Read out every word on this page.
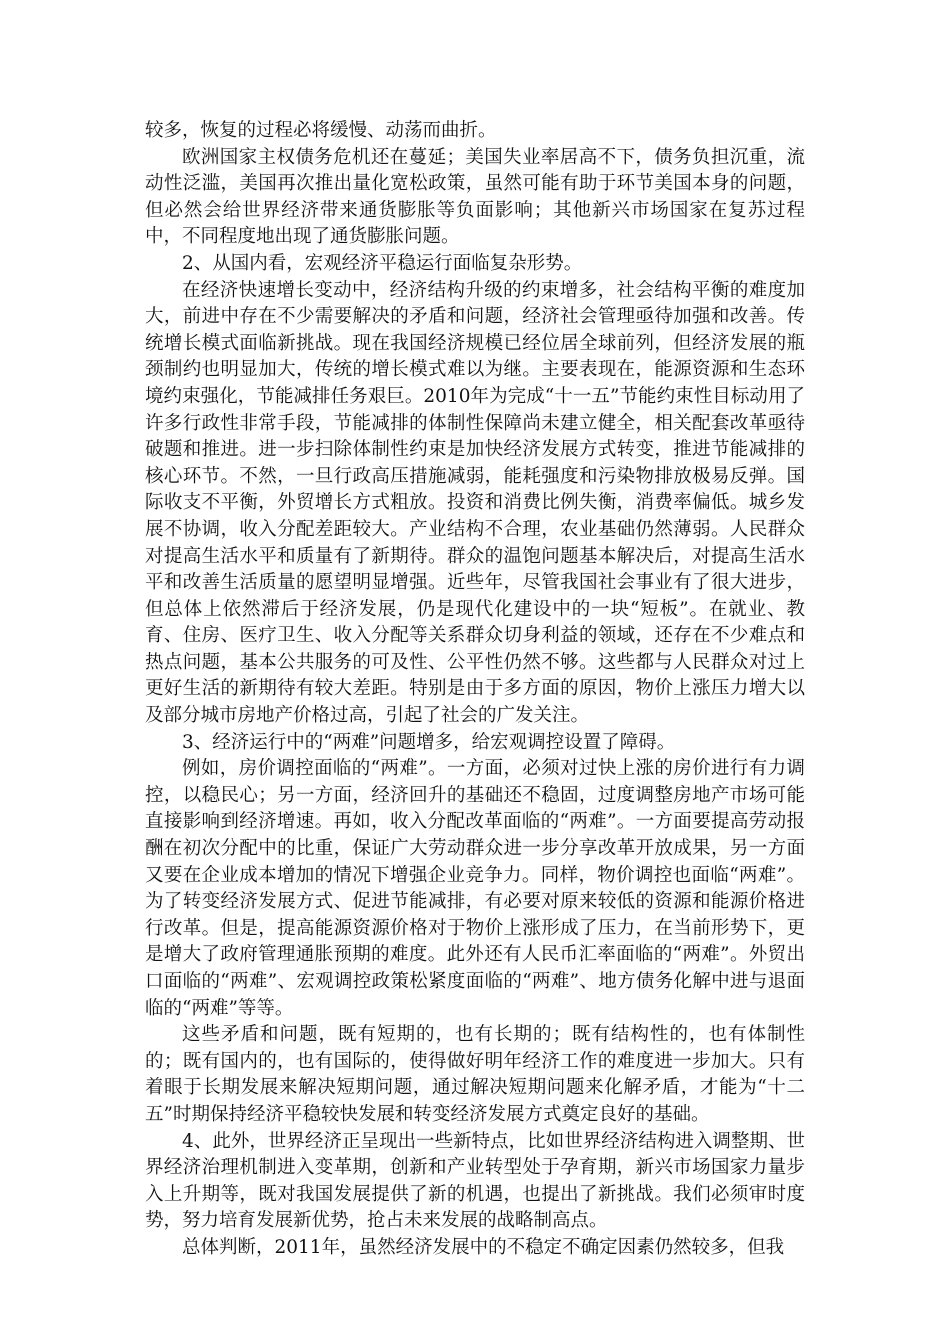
较多，恢复的过程必将缓慢、动荡而曲折。

欧洲国家主权债务危机还在蔓延；美国失业率居高不下，债务负担沉重，流动性泛滥，美国再次推出量化宽松政策，虽然可能有助于环节美国本身的问题，但必然会给世界经济带来通货膨胀等负面影响；其他新兴市场国家在复苏过程中，不同程度地出现了通货膨胀问题。

2、从国内看，宏观经济平稳运行面临复杂形势。

在经济快速增长变动中，经济结构升级的约束增多，社会结构平衡的难度加大，前进中存在不少需要解决的矛盾和问题，经济社会管理亟待加强和改善。传统增长模式面临新挑战。现在我国经济规模已经位居全球前列，但经济发展的瓶颈制约也明显加大，传统的增长模式难以为继。主要表现在，能源资源和生态环境约束强化，节能减排任务艰巨。2010年为完成“十一五”节能约束性目标动用了许多行政性非常手段，节能减排的体制性保障尚未建立健全，相关配套改革亟待破题和推进。进一步扫除体制性约束是加快经济发展方式转变，推进节能减排的核心环节。不然，一旦行政高压措施减弱，能耗强度和污染物排放极易反弹。国际收支不平衡，外贸增长方式粗放。投资和消费比例失衡，消费率偏低。城乡发展不协调，收入分配差距较大。产业结构不合理，农业基础仍然薄弱。人民群众对提高生活水平和质量有了新期待。群众的温饱问题基本解决后，对提高生活水平和改善生活质量的愿望明显增强。近些年，尽管我国社会事业有了很大进步，但总体上依然滞后于经济发展，仍是现代化建设中的一块“短板”。在就业、教育、住房、医疗卫生、收入分配等关系群众切身利益的领域，还存在不少难点和热点问题，基本公共服务的可及性、公平性仍然不够。这些都与人民群众对过上更好生活的新期待有较大差距。特别是由于多方面的原因，物价上涨压力增大以及部分城市房地产价格过高，引起了社会的广发关注。

3、经济运行中的“两难”问题增多，给宏观调控设置了障碍。

例如，房价调控面临的“两难”。一方面，必须对过快上涨的房价进行有力调控，以稳民心；另一方面，经济回升的基础还不稳固，过度调整房地产市场可能直接影响到经济增速。再如，收入分配改革面临的“两难”。一方面要提高劳动报酬在初次分配中的比重，保证广大劳动群众进一步分享改革开放成果，另一方面又要在企业成本增加的情况下增强企业竞争力。同样，物价调控也面临“两难”。为了转变经济发展方式、促进节能减排，有必要对原来较低的资源和能源价格进行改革。但是，提高能源资源价格对于物价上涨形成了压力，在当前形势下，更是增大了政府管理通胀预期的难度。此外还有人民币汇率面临的“两难”。外贸出口面临的“两难”、宏观调控政策松紧度面临的“两难”、地方债务化解中进与退面临的“两难”等等。

这些矛盾和问题，既有短期的，也有长期的；既有结构性的，也有体制性的；既有国内的，也有国际的，使得做好明年经济工作的难度进一步加大。只有着眼于长期发展来解决短期问题，通过解决短期问题来化解矛盾，才能为“十二五”时期保持经济平稳较快发展和转变经济发展方式奠定良好的基础。

4、此外，世界经济正呈现出一些新特点，比如世界经济结构进入调整期、世界经济治理机制进入变革期，创新和产业转型处于孕育期，新兴市场国家力量步入上升期等，既对我国发展提供了新的机遇，也提出了新挑战。我们必须审时度势，努力培育发展新优势，抢占未来发展的战略制高点。

总体判断，2011年，虽然经济发展中的不稳定不确定因素仍然较多，但我
